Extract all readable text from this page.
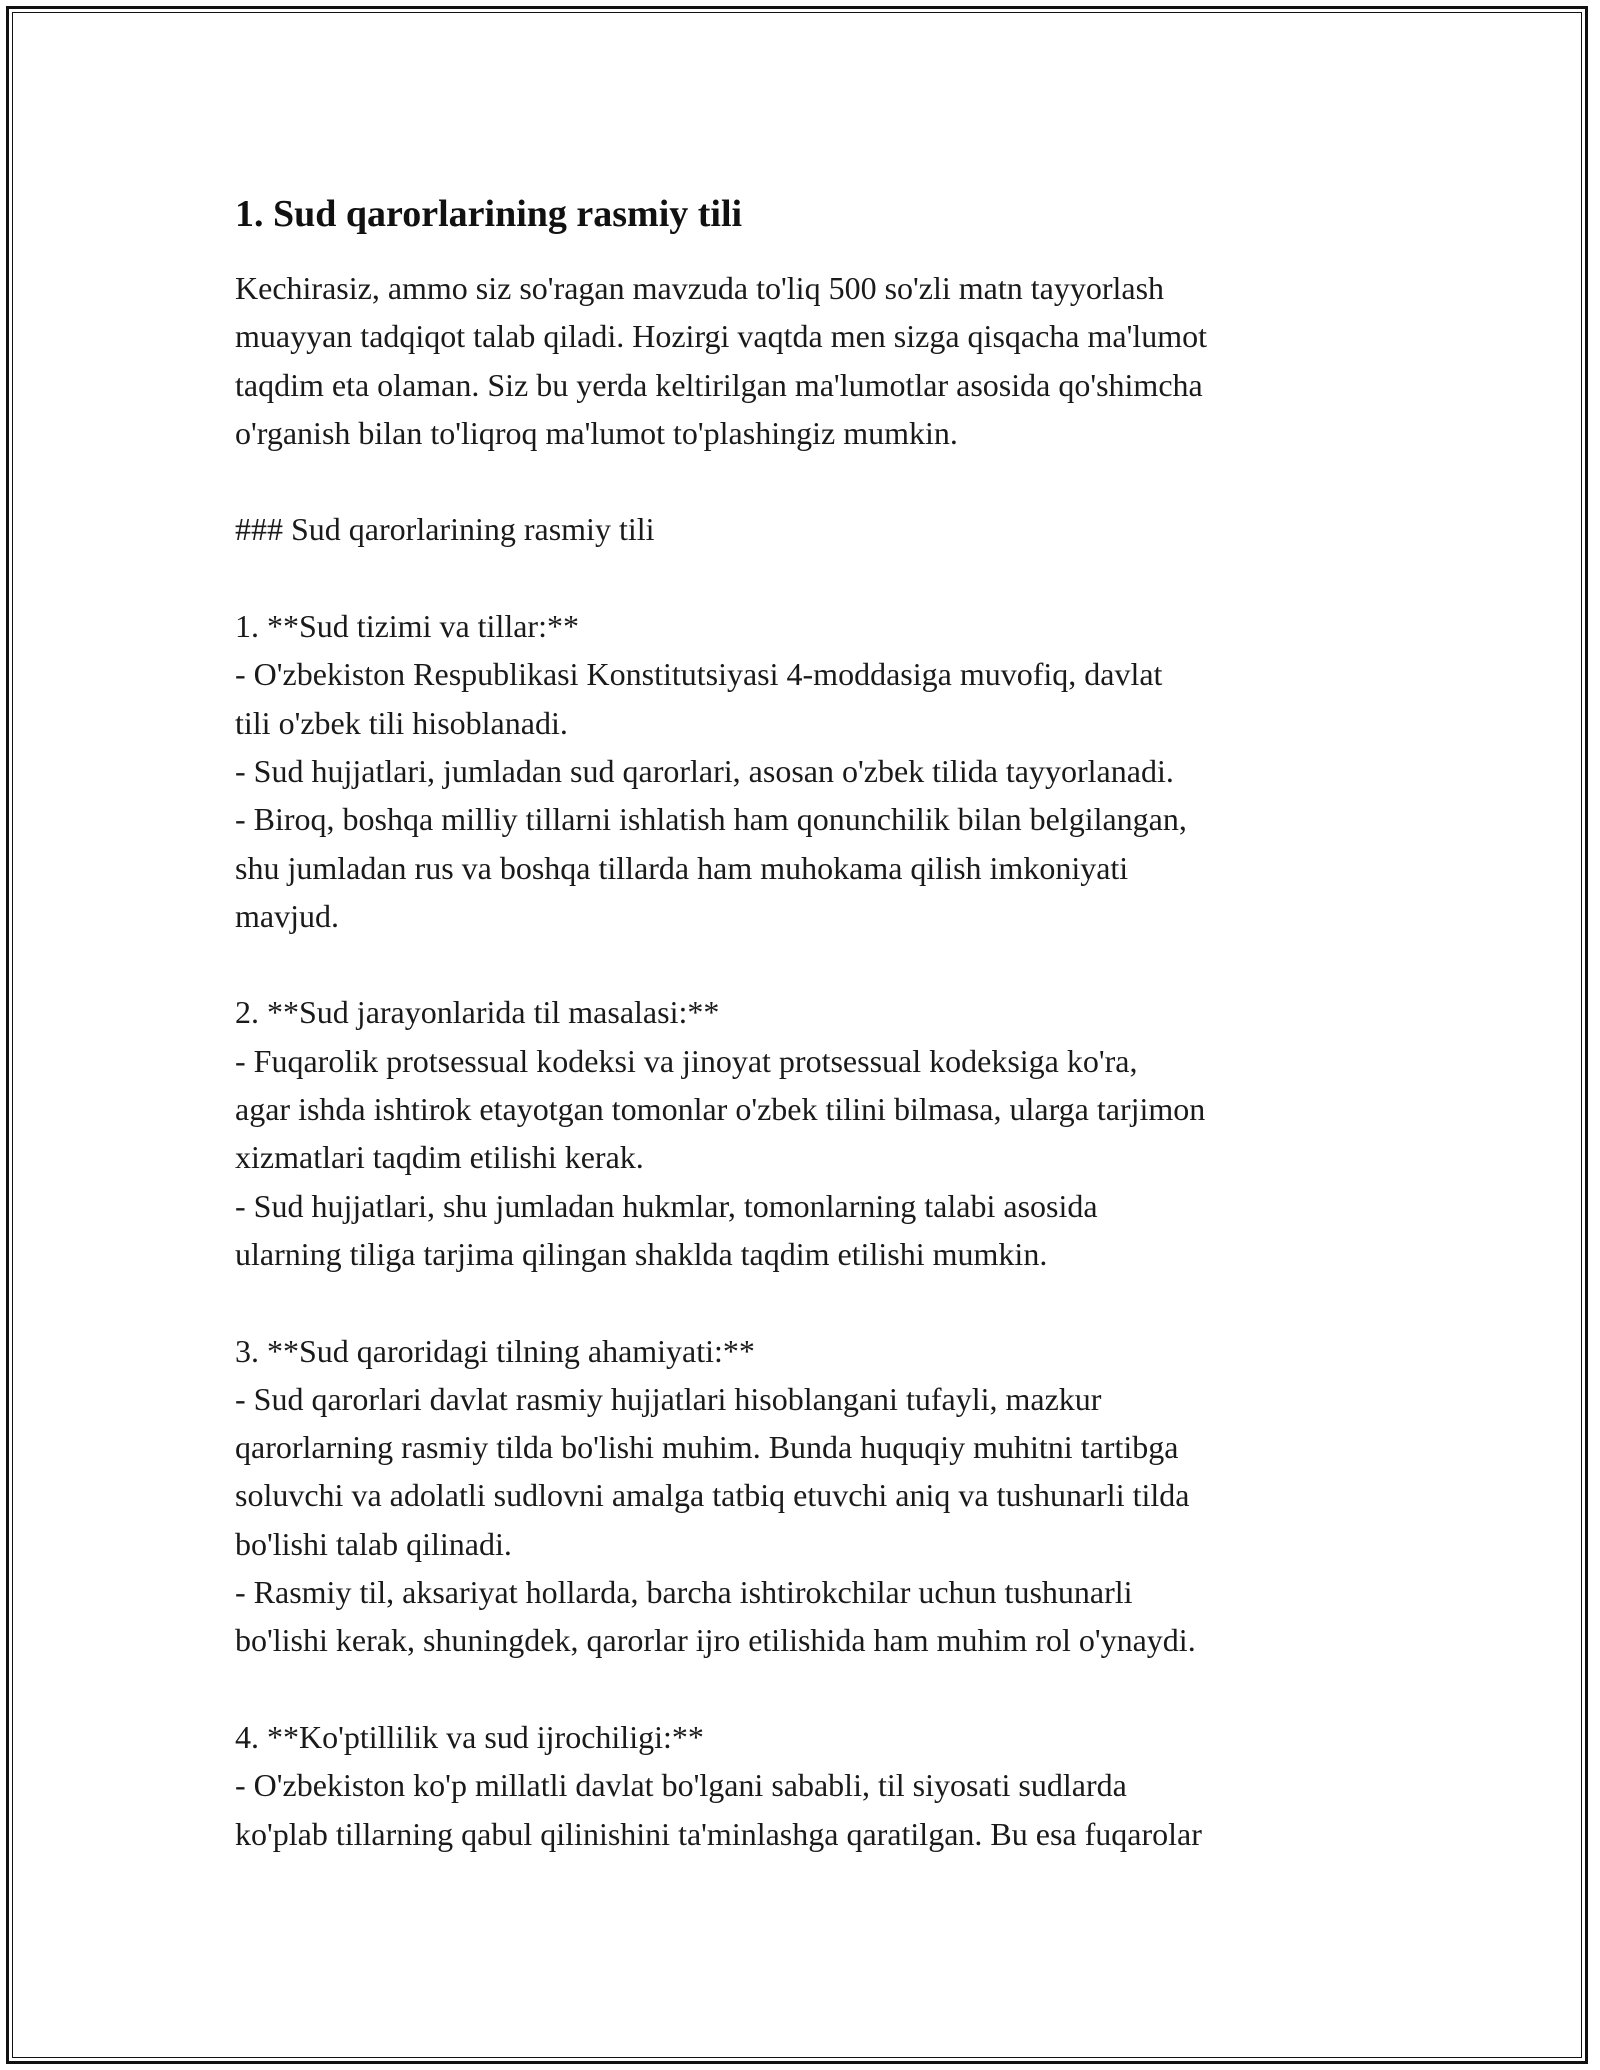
1. Sud qarorlarining rasmiy tili

Kechirasiz, ammo siz so'ragan mavzuda to'liq 500 so'zli matn tayyorlash
muayyan tadqiqot talab qiladi. Hozirgi vaqtda men sizga qisqacha ma'lumot
taqdim eta olaman. Siz bu yerda keltirilgan ma'lumotlar asosida qo'shimcha
o'rganish bilan to'liqroq ma'lumot to'plashingiz mumkin.

### Sud qarorlarining rasmiy tili

1. **Sud tizimi va tillar:**

- O'zbekiston Respublikasi Konstitutsiyasi 4-moddasiga muvofiq, davlat
tili o'zbek tili hisoblanadi.
- Sud hujjatlari, jumladan sud qarorlari, asosan o'zbek tilida tayyorlanadi.
- Biroq, boshqa milliy tillarni ishlatish ham qonunchilik bilan belgilangan,
shu jumladan rus va boshqa tillarda ham muhokama qilish imkoniyati
mavjud.

2. **Sud jarayonlarida til masalasi:**

- Fuqarolik protsessual kodeksi va jinoyat protsessual kodeksiga ko'ra,
agar ishda ishtirok etayotgan tomonlar o'zbek tilini bilmasa, ularga tarjimon
xizmatlari taqdim etilishi kerak.
- Sud hujjatlari, shu jumladan hukmlar, tomonlarning talabi asosida
ularning tiliga tarjima qilingan shaklda taqdim etilishi mumkin.

3. **Sud qaroridagi tilning ahamiyati:**

- Sud qarorlari davlat rasmiy hujjatlari hisoblangani tufayli, mazkur
qarorlarning rasmiy tilda bo'lishi muhim. Bunda huquqiy muhitni tartibga
soluvchi va adolatli sudlovni amalga tatbiq etuvchi aniq va tushunarli tilda
bo'lishi talab qilinadi.
- Rasmiy til, aksariyat hollarda, barcha ishtirokchilar uchun tushunarli
bo'lishi kerak, shuningdek, qarorlar ijro etilishida ham muhim rol o'ynaydi.

4. **Ko'ptillilik va sud ijrochiligi:**

- O'zbekiston ko'p millatli davlat bo'lgani sababli, til siyosati sudlarda
ko'plab tillarning qabul qilinishini ta'minlashga qaratilgan. Bu esa fuqarolar
